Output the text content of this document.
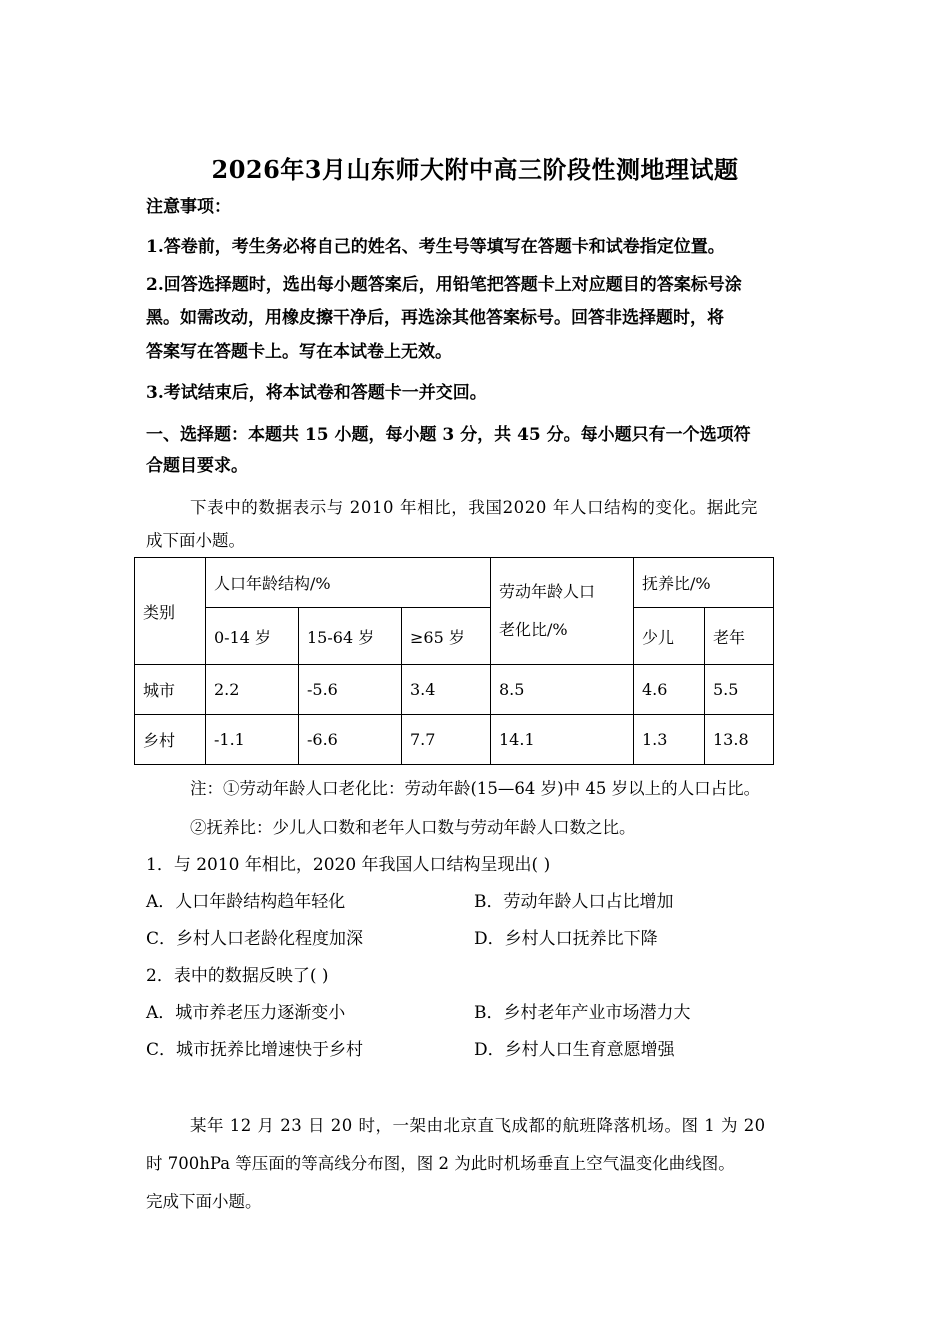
2026年3月山东师大附中高三阶段性测地理试题
注意事项：
1.答卷前，考生务必将自己的姓名、考生号等填写在答题卡和试卷指定位置。
2.回答选择题时，选出每小题答案后，用铅笔把答题卡上对应题目的答案标号涂
黑。如需改动，用橡皮擦干净后，再选涂其他答案标号。回答非选择题时，将
答案写在答题卡上。写在本试卷上无效。
3.考试结束后，将本试卷和答题卡一并交回。
一、选择题：本题共 15 小题，每小题 3 分，共 45 分。每小题只有一个选项符
合题目要求。
下表中的数据表示与 2010 年相比，我国2020 年人口结构的变化。据此完
成下面小题。
类别	人口年龄结构/%			劳动年龄人口
老化比/%	抚养比/%	
	0-14 岁	15-64 岁	≥65 岁		少儿	老年
城市	2.2	-5.6	3.4	8.5	4.6	5.5
乡村	-1.1	-6.6	7.7	14.1	1.3	13.8
注：①劳动年龄人口老化比：劳动年龄(15—64 岁)中 45 岁以上的人口占比。
②抚养比：少儿人口数和老年人口数与劳动年龄人口数之比。
1．与 2010 年相比，2020 年我国人口结构呈现出( )
A．人口年龄结构趋年轻化	B．劳动年龄人口占比增加
C．乡村人口老龄化程度加深	D．乡村人口抚养比下降
2．表中的数据反映了( )
A．城市养老压力逐渐变小	B．乡村老年产业市场潜力大
C．城市抚养比增速快于乡村	D．乡村人口生育意愿增强
某年 12 月 23 日 20 时，一架由北京直飞成都的航班降落机场。图 1 为 20
时 700hPa 等压面的等高线分布图，图 2 为此时机场垂直上空气温变化曲线图。
完成下面小题。
